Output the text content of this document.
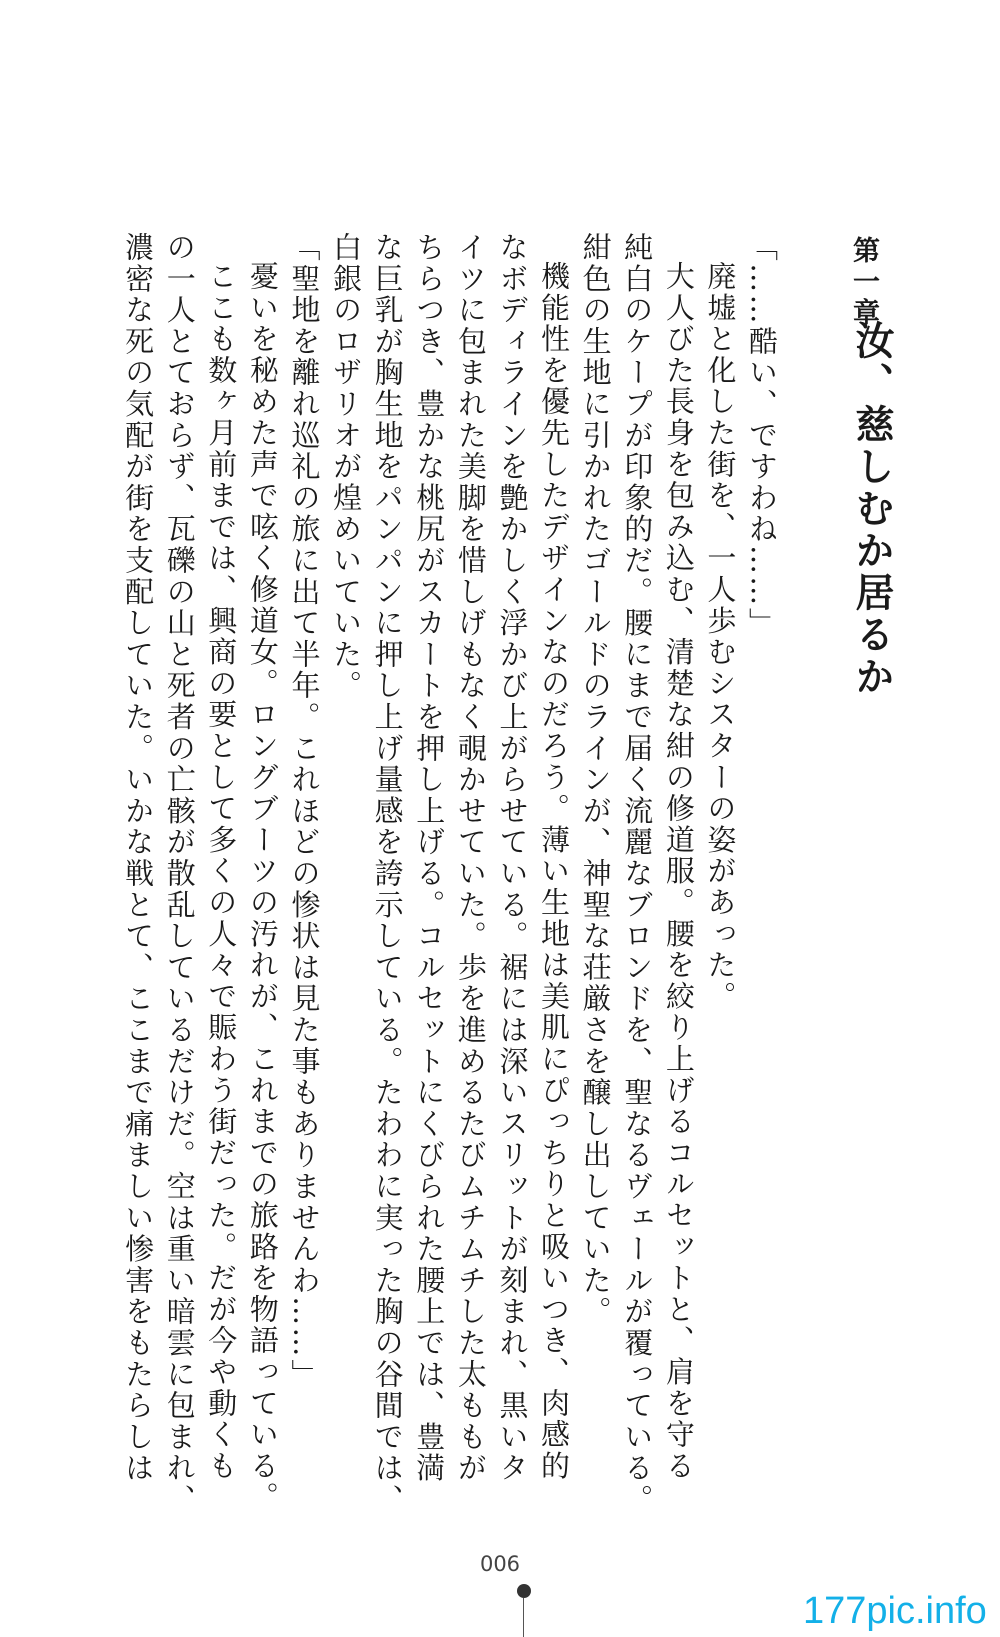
第一章
汝、慈しむか居るか
「……酷い、ですわね……」
廃墟と化した街を、一人歩むシスターの姿があった。
大人びた長身を包み込む、清楚な紺の修道服。腰を絞り上げるコルセットと、肩を守る
純白のケープが印象的だ。腰にまで届く流麗なブロンドを、聖なるヴェールが覆っている。
紺色の生地に引かれたゴールドのラインが、神聖な荘厳さを醸し出していた。
機能性を優先したデザインなのだろう。薄い生地は美肌にぴっちりと吸いつき、肉感的
なボディラインを艶かしく浮かび上がらせている。裾には深いスリットが刻まれ、黒いタ
イツに包まれた美脚を惜しげもなく覗かせていた。歩を進めるたびムチムチした太ももが
ちらつき、豊かな桃尻がスカートを押し上げる。コルセットにくびられた腰上では、豊満
な巨乳が胸生地をパンパンに押し上げ量感を誇示している。たわわに実った胸の谷間では、
白銀のロザリオが煌めいていた。
「聖地を離れ巡礼の旅に出て半年。これほどの惨状は見た事もありませんわ……」
憂いを秘めた声で呟く修道女。ロングブーツの汚れが、これまでの旅路を物語っている。
ここも数ヶ月前までは、興商の要として多くの人々で賑わう街だった。だが今や動くも
の一人とておらず、瓦礫の山と死者の亡骸が散乱しているだけだ。空は重い暗雲に包まれ、
濃密な死の気配が街を支配していた。いかな戦とて、ここまで痛ましい惨害をもたらしは
006
177pic.info
